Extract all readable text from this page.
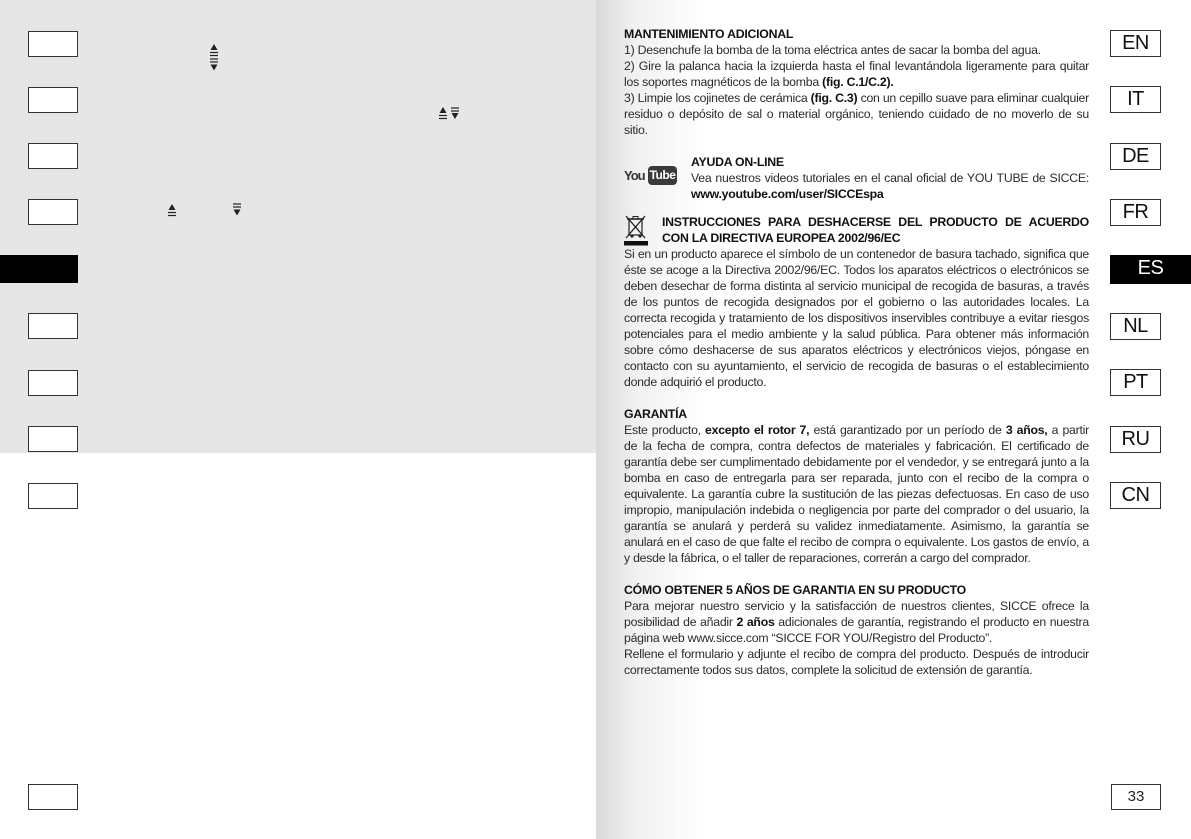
MANTENIMIENTO ADICIONAL

1) Desenchufe la bomba de la toma eléctrica antes de sacar la bomba del agua.

2) Gire la palanca hacia la izquierda hasta el final levantándola ligeramente para quitar los soportes magnéticos de la bomba (fig. C.1/C.2).

3) Limpie los cojinetes de cerámica (fig. C.3) con un cepillo suave para eliminar cualquier residuo o depósito de sal o material orgánico, teniendo cuidado de no moverlo de su sitio.

You Tube

AYUDA ON-LINE

Vea nuestros videos tutoriales en el canal oficial de YOU TUBE de SICCE: www.youtube.com/user/SICCEspa

INSTRUCCIONES PARA DESHACERSE DEL PRODUCTO DE ACUERDO CON LA DIRECTIVA EUROPEA 2002/96/EC

Si en un producto aparece el símbolo de un contenedor de basura tachado, significa que éste se acoge a la Directiva 2002/96/EC. Todos los aparatos eléctricos o electrónicos se deben desechar de forma distinta al servicio municipal de recogida de basuras, a través de los puntos de recogida designados por el gobierno o las autoridades locales. La correcta recogida y tratamiento de los dispositivos inservibles contribuye a evitar riesgos potenciales para el medio ambiente y la salud pública. Para obtener más información sobre cómo deshacerse de sus aparatos eléctricos y electrónicos viejos, póngase en contacto con su ayuntamiento, el servicio de recogida de basuras o el establecimiento donde adquirió el producto.

GARANTÍA

Este producto, excepto el rotor 7, está garantizado por un período de 3 años, a partir de la fecha de compra, contra defectos de materiales y fabricación. El certificado de garantía debe ser cumplimentado debidamente por el vendedor, y se entregará junto a la bomba en caso de entregarla para ser reparada, junto con el recibo de la compra o equivalente. La garantía cubre la sustitución de las piezas defectuosas. En caso de uso impropio, manipulación indebida o negligencia por parte del comprador o del usuario, la garantía se anulará y perderá su validez inmediatamente. Asimismo, la garantía se anulará en el caso de que falte el recibo de compra o equivalente. Los gastos de envío, a y desde la fábrica, o el taller de reparaciones, correrán a cargo del comprador.

CÓMO OBTENER 5 AÑOS DE GARANTIA EN SU PRODUCTO

Para mejorar nuestro servicio y la satisfacción de nuestros clientes, SICCE ofrece la posibilidad de añadir 2 años adicionales de garantía, registrando el producto en nuestra página web www.sicce.com “SICCE FOR YOU/Registro del Producto”.

Rellene el formulario y adjunte el recibo de compra del producto. Después de introducir correctamente todos sus datos, complete la solicitud de extensión de garantía.

EN
IT
DE
FR
ES
NL
PT
RU
CN
33
